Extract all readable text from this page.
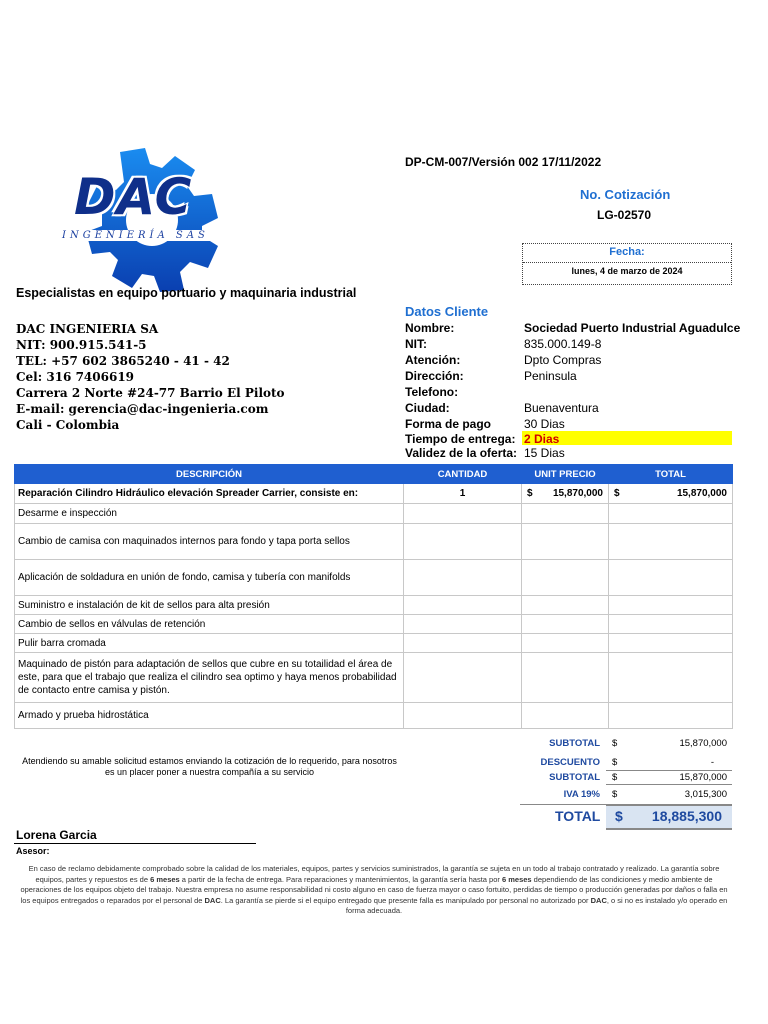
DAC
INGENIERÍA SAS
DP-CM-007/Versión 002 17/11/2022
No. Cotización
LG-02570
Fecha:
lunes, 4 de marzo de 2024
Especialistas en equipo portuario y maquinaria industrial
DAC INGENIERIA SA
NIT: 900.915.541-5
TEL: +57 602 3865240 - 41 - 42
Cel: 316 7406619
Carrera 2 Norte #24-77 Barrio El Piloto
E-mail: gerencia@dac-ingenieria.com
Cali - Colombia
Datos Cliente
Nombre:	Sociedad Puerto Industrial Aguadulce
NIT:	835.000.149-8
Atención:	Dpto Compras
Dirección:	Peninsula
Telefono:
Ciudad:	Buenaventura
Forma de pago	30 Dias
Tiempo de entrega: 2 Dias
Validez de la oferta: 15 Dias
DESCRIPCIÓN	CANTIDAD	UNIT PRECIO	TOTAL
Reparación Cilindro Hidráulico elevación Spreader Carrier, consiste en:	1	$ 15,870,000	$ 15,870,000

Desarme e inspección			
Cambio de camisa con maquinados internos para fondo y tapa porta sellos			
Aplicación de soldadura en unión de fondo, camisa y tubería con manifolds			
Suministro e instalación de kit de sellos para alta presión			
Cambio de sellos en válvulas de retención			
Pulir barra cromada			
Maquinado de pistón para adaptación de sellos que cubre en su totailidad el área de este, para que el trabajo que realiza el cilindro sea optimo y haya menos probabilidad de contacto entre camisa y pistón.			
Armado y prueba hidrostática			
SUBTOTAL $	15,870,000
DESCUENTO $	-
SUBTOTAL $	15,870,000
IVA 19% $	3,015,300
TOTAL $	18,885,300
Atendiendo su amable solicitud estamos enviando la cotización de lo requerido, para nosotros es un placer poner a nuestra compañía a su servicio
Lorena Garcia
Asesor:
En caso de reclamo debidamente comprobado sobre la calidad de los materiales, equipos, partes y servicios suministrados, la garantía se sujeta en un todo al trabajo contratado y realizado. La garantía sobre equipos, partes y repuestos es de 6 meses a partir de la fecha de entrega. Para reparaciones y mantenimientos, la garantía sería hasta por 6 meses dependiendo de las condiciones y medio ambiente de operaciones de los equipos objeto del trabajo. Nuestra empresa no asume responsabilidad ni costo alguno en caso de fuerza mayor o caso fortuito, perdidas de tiempo o producción generadas por daños o falla en los equipos entregados o reparados por el personal de DAC. La garantía se pierde si el equipo entregado que presente falla es manipulado por personal no autorizado por DAC, o si no es instalado y/o operado en forma adecuada.
